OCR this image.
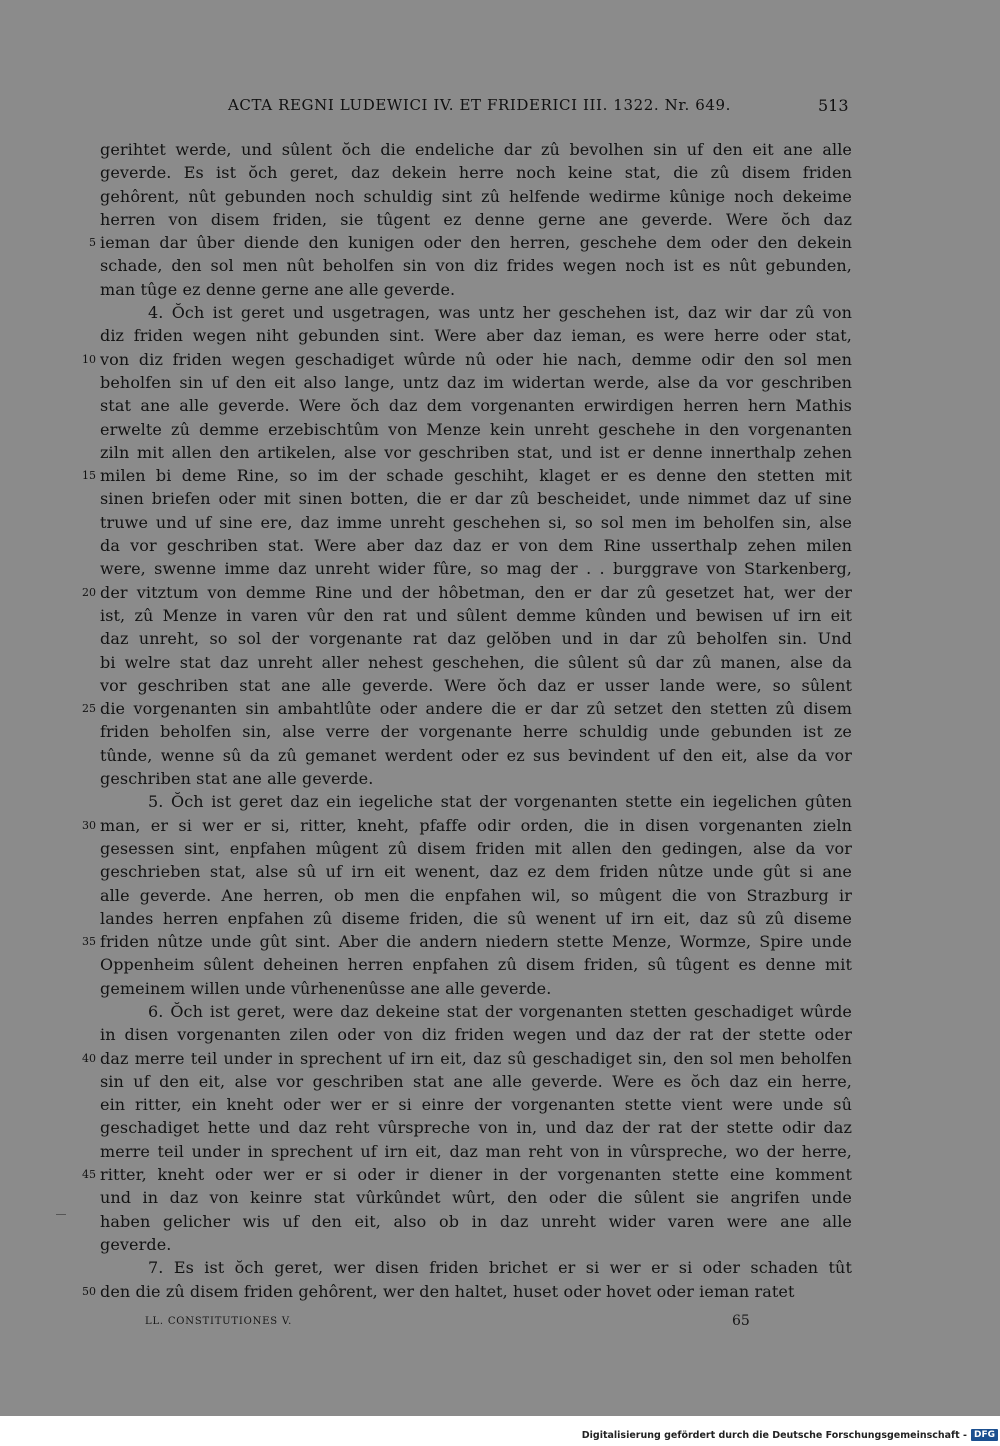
ACTA REGNI LUDEWICI IV. ET FRIDERICI III. 1322. Nr. 649.	513
gerihtet werde, und sûlent ŏch die endeliche dar zû bevolhen sin uf den eit ane alle
geverde. Es ist ŏch geret, daz dekein herre noch keine stat, die zû disem friden
gehôrent, nût gebunden noch schuldig sint zû helfende wedirme kûnige noch dekeime
herren von disem friden, sie tûgent ez denne gerne ane geverde. Were ŏch daz
5 ieman dar ûber diende den kunigen oder den herren, geschehe dem oder den dekein
schade, den sol men nût beholfen sin von diz frides wegen noch ist es nût gebunden,
man tûge ez denne gerne ane alle geverde.
4. Ŏch ist geret und usgetragen, was untz her geschehen ist, daz wir dar zû von
diz friden wegen niht gebunden sint. Were aber daz ieman, es were herre oder stat,
10 von diz friden wegen geschadiget wûrde nû oder hie nach, demme odir den sol men
beholfen sin uf den eit also lange, untz daz im widertan werde, alse da vor geschriben
stat ane alle geverde. Were ŏch daz dem vorgenanten erwirdigen herren hern Mathis
erwelte zû demme erzebischtûm von Menze kein unreht geschehe in den vorgenanten
ziln mit allen den artikelen, alse vor geschriben stat, und ist er denne innerthalp zehen
15 milen bi deme Rine, so im der schade geschiht, klaget er es denne den stetten mit
sinen briefen oder mit sinen botten, die er dar zû bescheidet, unde nimmet daz uf sine
truwe und uf sine ere, daz imme unreht geschehen si, so sol men im beholfen sin, alse
da vor geschriben stat. Were aber daz daz er von dem Rine usserthalp zehen milen
were, swenne imme daz unreht wider fûre, so mag der . . burggrave von Starkenberg,
20 der vitztum von demme Rine und der hôbetman, den er dar zû gesetzet hat, wer der
ist, zû Menze in varen vûr den rat und sûlent demme kûnden und bewisen uf irn eit
daz unreht, so sol der vorgenante rat daz gelŏben und in dar zû beholfen sin. Und
bi welre stat daz unreht aller nehest geschehen, die sûlent sû dar zû manen, alse da
vor geschriben stat ane alle geverde. Were ŏch daz er usser lande were, so sûlent
25 die vorgenanten sin ambahtlûte oder andere die er dar zû setzet den stetten zû disem
friden beholfen sin, alse verre der vorgenante herre schuldig unde gebunden ist ze
tûnde, wenne sû da zû gemanet werdent oder ez sus bevindent uf den eit, alse da vor
geschriben stat ane alle geverde.
5. Ŏch ist geret daz ein iegeliche stat der vorgenanten stette ein iegelichen gûten
30 man, er si wer er si, ritter, kneht, pfaffe odir orden, die in disen vorgenanten zieln
gesessen sint, enpfahen mûgent zû disem friden mit allen den gedingen, alse da vor
geschrieben stat, alse sû uf irn eit wenent, daz ez dem friden nûtze unde gût si ane
alle geverde. Ane herren, ob men die enpfahen wil, so mûgent die von Strazburg ir
landes herren enpfahen zû diseme friden, die sû wenent uf irn eit, daz sû zû diseme
35 friden nûtze unde gût sint. Aber die andern niedern stette Menze, Wormze, Spire unde
Oppenheim sûlent deheinen herren enpfahen zû disem friden, sû tûgent es denne mit
gemeinem willen unde vûrhenenûsse ane alle geverde.
6. Ŏch ist geret, were daz dekeine stat der vorgenanten stetten geschadiget wûrde
in disen vorgenanten zilen oder von diz friden wegen und daz der rat der stette oder
40 daz merre teil under in sprechent uf irn eit, daz sû geschadiget sin, den sol men beholfen
sin uf den eit, alse vor geschriben stat ane alle geverde. Were es ŏch daz ein herre,
ein ritter, ein kneht oder wer er si einre der vorgenanten stette vient were unde sû
geschadiget hette und daz reht vûrspreche von in, und daz der rat der stette odir daz
merre teil under in sprechent uf irn eit, daz man reht von in vûrspreche, wo der herre,
45 ritter, kneht oder wer er si oder ir diener in der vorgenanten stette eine komment
und in daz von keinre stat vûrkûndet wûrt, den oder die sûlent sie angrifen unde
haben gelicher wis uf den eit, also ob in daz unreht wider varen were ane alle
geverde.
7. Es ist ŏch geret, wer disen friden brichet er si wer er si oder schaden tût
50 den die zû disem friden gehôrent, wer den haltet, huset oder hovet oder ieman ratet
LL. CONSTITUTIONES V.	65
Digitalisierung gefördert durch die Deutsche Forschungsgemeinschaft - DFG
